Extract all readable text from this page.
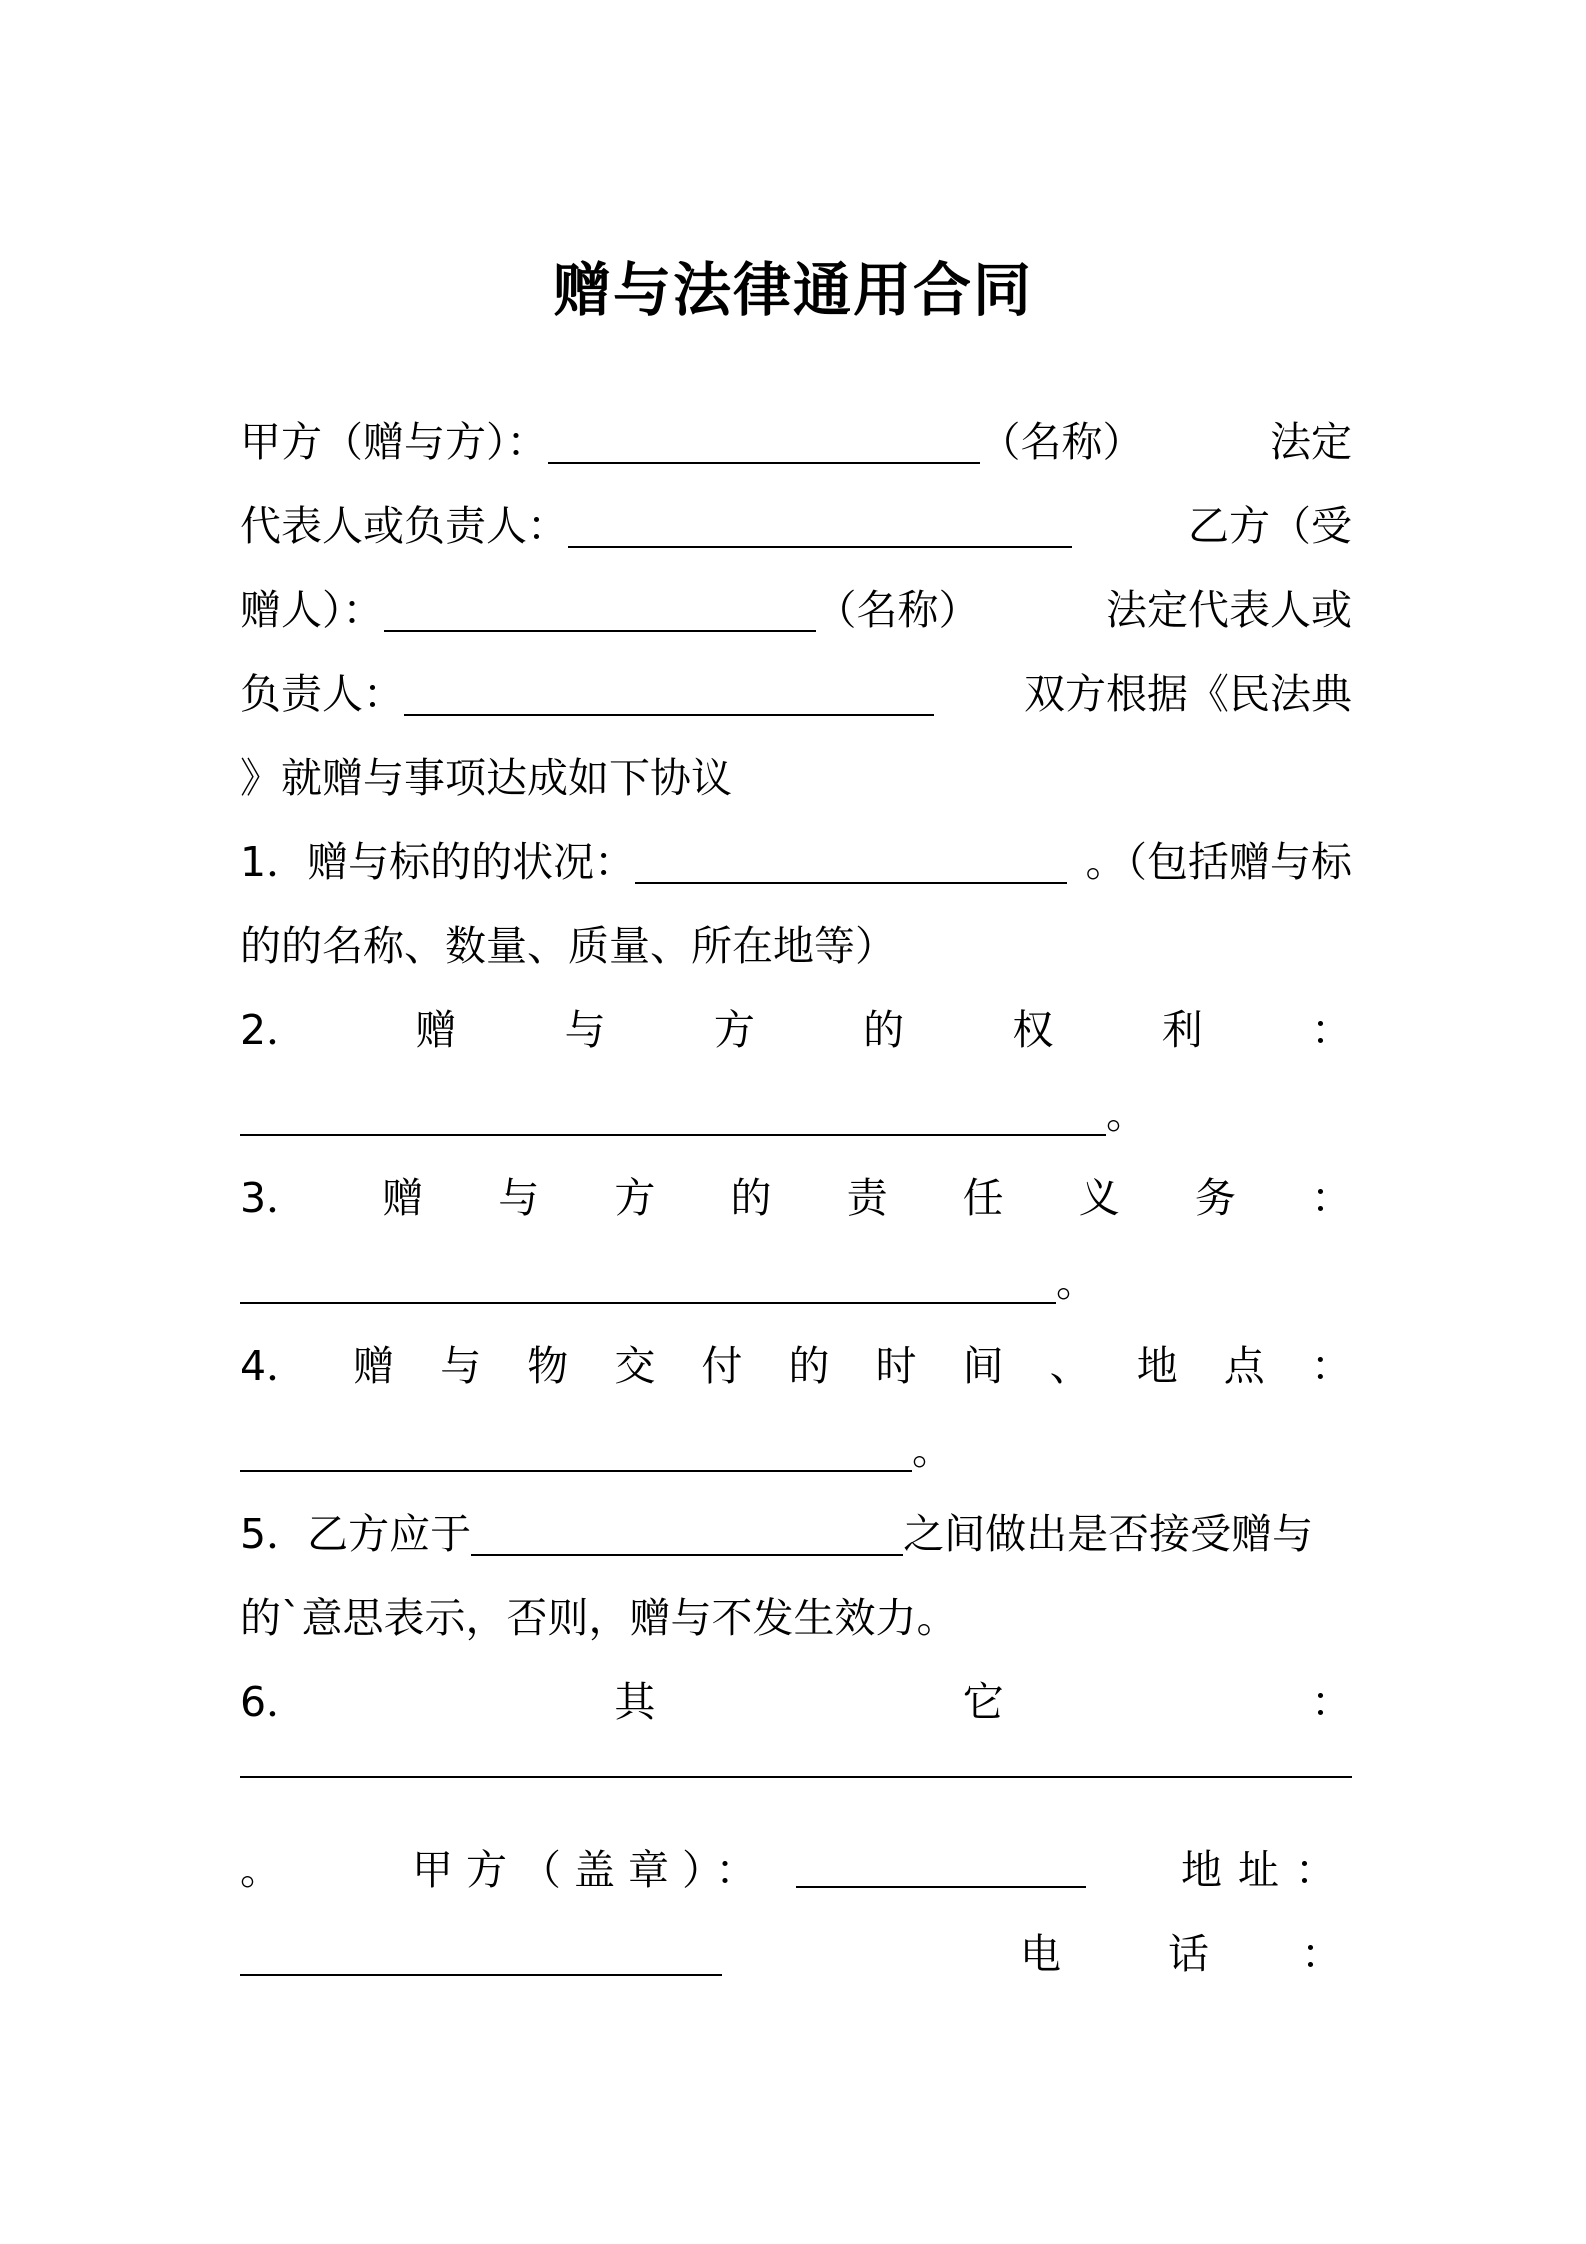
赠与法律通用合同
甲方（赠与方）：	（名称）	法定
代表人或负责人：	乙方（受
赠人）：	（名称）	法定代表人或
负责人：	双方根据《民法典
》就赠与事项达成如下协议
1．赠与标的的状况：	。（包括赠与标
的的名称、数量、质量、所在地等）
2．	赠	与	方	的	权	利	：
。
3． 赠 与 方 的 责 任 义 务 ：
。
4． 赠 与 物 交 付 的 时 间 、 地 点 ：
。
5．乙方应于	之间做出是否接受赠与
的`意思表示，否则，赠与不发生效力。
6．	其	它	：
。	甲方（盖章）：	地址：
电	话 ：
